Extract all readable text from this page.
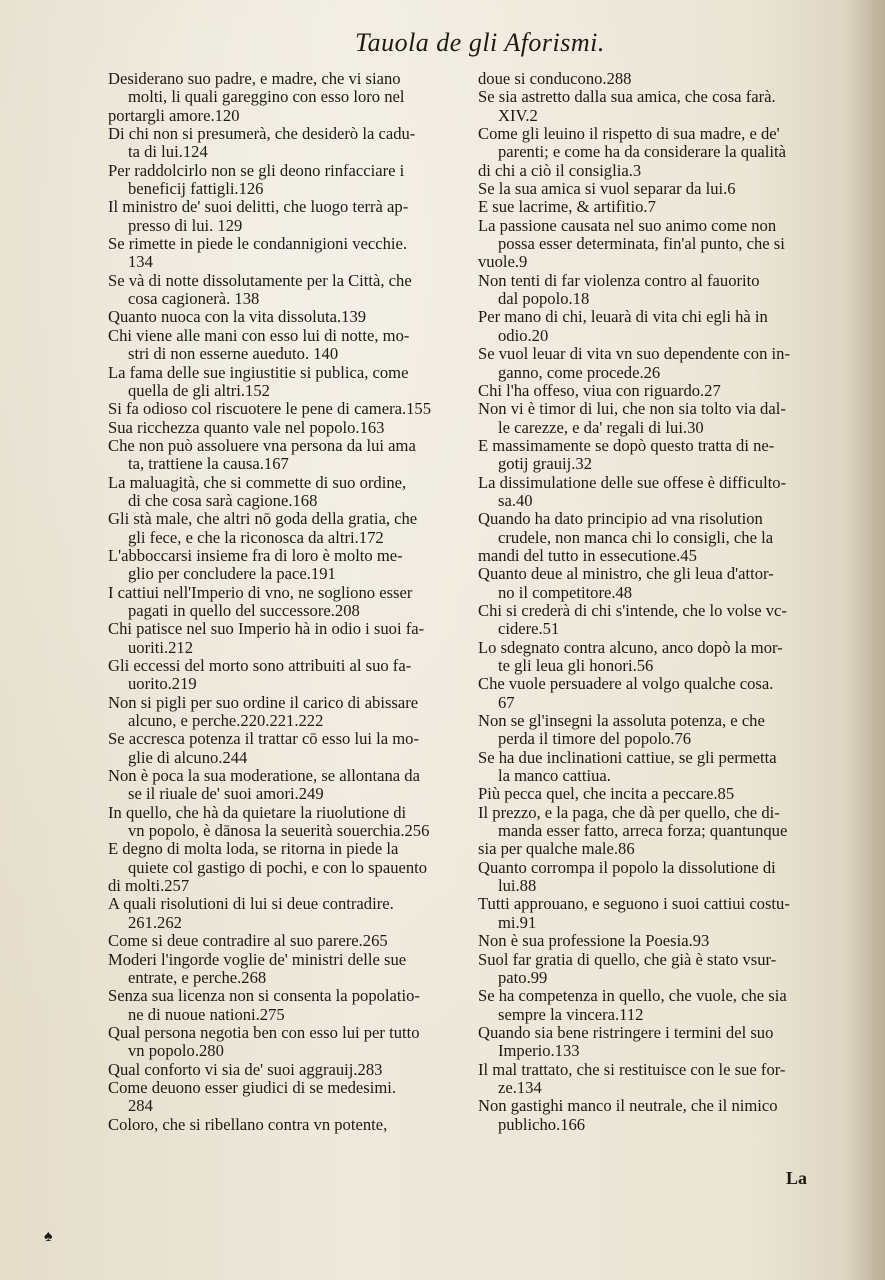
Tauola de gli Aforismi.

Desiderano suo padre, e madre, che vi siano
molti, li quali gareggino con esso loro nel

portargli amore.120

Di chi non si presumerà, che desiderò la cadu-
ta di lui.124

Per raddolcirlo non se gli deono rinfacciare i
beneficij fattigli.126

Il ministro de' suoi delitti, che luogo terrà ap-
presso di lui. 129

Se rimette in piede le condannigioni vecchie.
134

Se và di notte dissolutamente per la Città, che
cosa cagionerà. 138

Quanto nuoca con la vita dissoluta.139

Chi viene alle mani con esso lui di notte, mo-
stri di non esserne aueduto. 140

La fama delle sue ingiustitie si publica, come
quella de gli altri.152

Si fa odioso col riscuotere le pene di camera.155

Sua ricchezza quanto vale nel popolo.163

Che non può assoluere vna persona da lui ama
ta, trattiene la causa.167

La maluagità, che si commette di suo ordine,
di che cosa sarà cagione.168

Gli stà male, che altri nō goda della gratia, che
gli fece, e che la riconosca da altri.172

L'abboccarsi insieme fra di loro è molto me-
glio per concludere la pace.191

I cattiui nell'Imperio di vno, ne sogliono esser
pagati in quello del successore.208

Chi patisce nel suo Imperio hà in odio i suoi fa-
uoriti.212

Gli eccessi del morto sono attribuiti al suo fa-
uorito.219

Non si pigli per suo ordine il carico di abissare
alcuno, e perche.220.221.222

Se accresca potenza il trattar cō esso lui la mo-
glie di alcuno.244

Non è poca la sua moderatione, se allontana da
se il riuale de' suoi amori.249

In quello, che hà da quietare la riuolutione di
vn popolo, è dānosa la seuerità souerchia.256

E degno di molta loda, se ritorna in piede la
quiete col gastigo di pochi, e con lo spauento

di molti.257

A quali risolutioni di lui si deue contradire.
261.262

Come si deue contradire al suo parere.265

Moderi l'ingorde voglie de' ministri delle sue
entrate, e perche.268

Senza sua licenza non si consenta la popolatio-
ne di nuoue nationi.275

Qual persona negotia ben con esso lui per tutto
vn popolo.280

Qual conforto vi sia de' suoi aggrauij.283

Come deuono esser giudici di se medesimi.
284

Coloro, che si ribellano contra vn potente,

doue si conducono.288

Se sia astretto dalla sua amica, che cosa farà.
XIV.2

Come gli leuino il rispetto di sua madre, e de'
parenti; e come ha da considerare la qualità

di chi a ciò il consiglia.3

Se la sua amica si vuol separar da lui.6

E sue lacrime, & artifitio.7

La passione causata nel suo animo come non
possa esser determinata, fin'al punto, che si

vuole.9

Non tenti di far violenza contro al fauorito
dal popolo.18

Per mano di chi, leuarà di vita chi egli hà in
odio.20

Se vuol leuar di vita vn suo dependente con in-
ganno, come procede.26

Chi l'ha offeso, viua con riguardo.27

Non vi è timor di lui, che non sia tolto via dal-
le carezze, e da' regali di lui.30

E massimamente se dopò questo tratta di ne-
gotij grauij.32

La dissimulatione delle sue offese è difficulto-
sa.40

Quando ha dato principio ad vna risolution
crudele, non manca chi lo consigli, che la

mandi del tutto in essecutione.45

Quanto deue al ministro, che gli leua d'attor-
no il competitore.48

Chi si crederà di chi s'intende, che lo volse vc-
cidere.51

Lo sdegnato contra alcuno, anco dopò la mor-
te gli leua gli honori.56

Che vuole persuadere al volgo qualche cosa.
67

Non se gl'insegni la assoluta potenza, e che
perda il timore del popolo.76

Se ha due inclinationi cattiue, se gli permetta
la manco cattiua.

Più pecca quel, che incita a peccare.85

Il prezzo, e la paga, che dà per quello, che di-
manda esser fatto, arreca forza; quantunque

sia per qualche male.86

Quanto corrompa il popolo la dissolutione di
lui.88

Tutti approuano, e seguono i suoi cattiui costu-
mi.91

Non è sua professione la Poesia.93

Suol far gratia di quello, che già è stato vsur-
pato.99

Se ha competenza in quello, che vuole, che sia
sempre la vincera.112

Quando sia bene ristringere i termini del suo
Imperio.133

Il mal trattato, che si restituisce con le sue for-
ze.134

Non gastighi manco il neutrale, che il nimico
publicho.166

La
♠
